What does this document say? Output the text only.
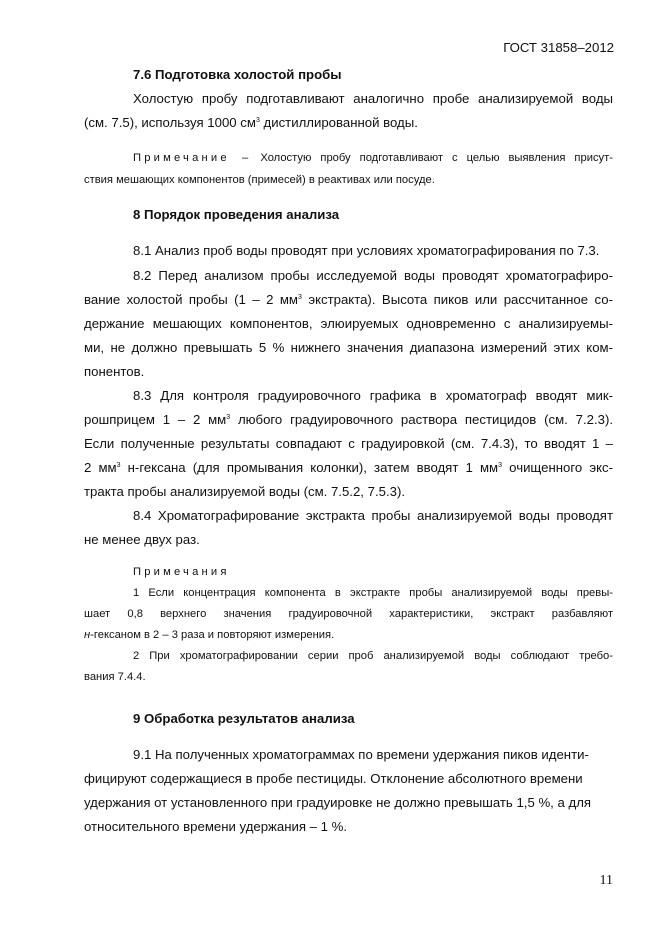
ГОСТ 31858–2012
7.6 Подготовка холостой пробы
Холостую пробу подготавливают аналогично пробе анализируемой воды
(см. 7.5), используя 1000 $см^3$ дистиллированной воды.
Примечание – Холостую пробу подготавливают с целью выявления присут-
ствия мешающих компонентов (примесей) в реактивах или посуде.
8 Порядок проведения анализа
8.1 Анализ проб воды проводят при условиях хроматографирования по 7.3.
8.2 Перед анализом пробы исследуемой воды проводят хроматографиро-
вание холостой пробы (1 – 2 $мм^3$ экстракта). Высота пиков или рассчитанное со-
держание мешающих компонентов, элюируемых одновременно с анализируемы-
ми, не должно превышать 5 % нижнего значения диапазона измерений этих ком-
понентов.
8.3 Для контроля градуировочного графика в хроматограф вводят мик-
рошприцем 1 – 2 $мм^3$ любого градуировочного раствора пестицидов (см. 7.2.3).
Если полученные результаты совпадают с градуировкой (см. 7.4.3), то вводят 1 –
2 $мм^3$ н-гексана (для промывания колонки), затем вводят 1 $мм^3$ очищенного экс-
тракта пробы анализируемой воды (см. 7.5.2, 7.5.3).
8.4 Хроматографирование экстракта пробы анализируемой воды проводят
не менее двух раз.
Примечания
1 Если концентрация компонента в экстракте пробы анализируемой воды превы-
шает 0,8 верхнего значения градуировочной характеристики, экстракт разбавляют
н-гексаном в 2 – 3 раза и повторяют измерения.
2 При хроматографировании серии проб анализируемой воды соблюдают требо-
вания 7.4.4.
9 Обработка результатов анализа
9.1 На полученных хроматограммах по времени удержания пиков иденти-
фицируют содержащиеся в пробе пестициды. Отклонение абсолютного времени
удержания от установленного при градуировке не должно превышать 1,5 %, а для
относительного времени удержания – 1 %.
11
